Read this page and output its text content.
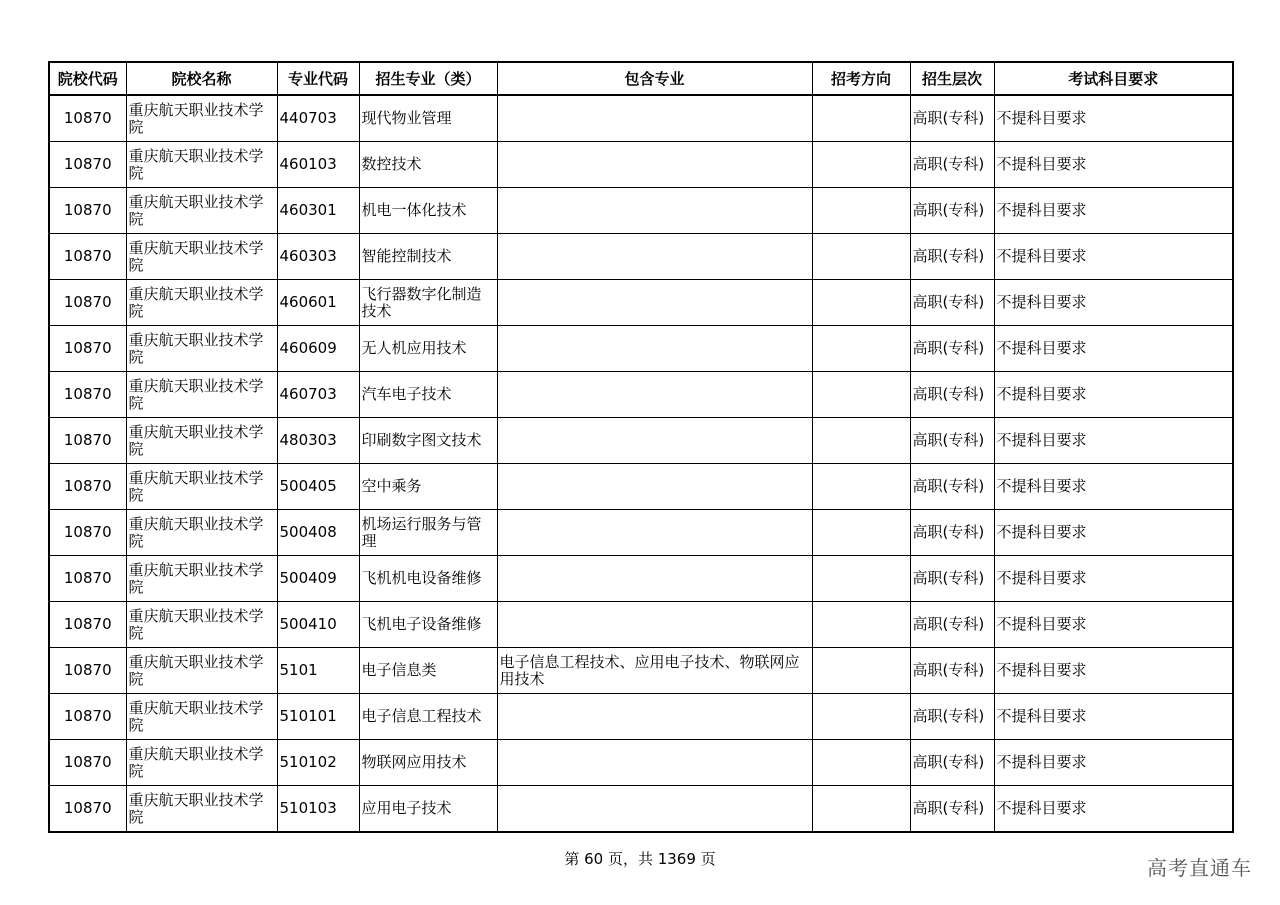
院校代码	院校名称	专业代码	招生专业（类）	包含专业	招考方向	招生层次	考试科目要求
10870	重庆航天职业技术学院	440703	现代物业管理			高职(专科)	不提科目要求
10870	重庆航天职业技术学院	460103	数控技术			高职(专科)	不提科目要求
10870	重庆航天职业技术学院	460301	机电一体化技术			高职(专科)	不提科目要求
10870	重庆航天职业技术学院	460303	智能控制技术			高职(专科)	不提科目要求
10870	重庆航天职业技术学院	460601	飞行器数字化制造技术			高职(专科)	不提科目要求
10870	重庆航天职业技术学院	460609	无人机应用技术			高职(专科)	不提科目要求
10870	重庆航天职业技术学院	460703	汽车电子技术			高职(专科)	不提科目要求
10870	重庆航天职业技术学院	480303	印刷数字图文技术			高职(专科)	不提科目要求
10870	重庆航天职业技术学院	500405	空中乘务			高职(专科)	不提科目要求
10870	重庆航天职业技术学院	500408	机场运行服务与管理			高职(专科)	不提科目要求
10870	重庆航天职业技术学院	500409	飞机机电设备维修			高职(专科)	不提科目要求
10870	重庆航天职业技术学院	500410	飞机电子设备维修			高职(专科)	不提科目要求
10870	重庆航天职业技术学院	5101	电子信息类	电子信息工程技术、应用电子技术、物联网应用技术		高职(专科)	不提科目要求
10870	重庆航天职业技术学院	510101	电子信息工程技术			高职(专科)	不提科目要求
10870	重庆航天职业技术学院	510102	物联网应用技术			高职(专科)	不提科目要求
10870	重庆航天职业技术学院	510103	应用电子技术			高职(专科)	不提科目要求
第 60 页，共 1369 页	高考直通车
